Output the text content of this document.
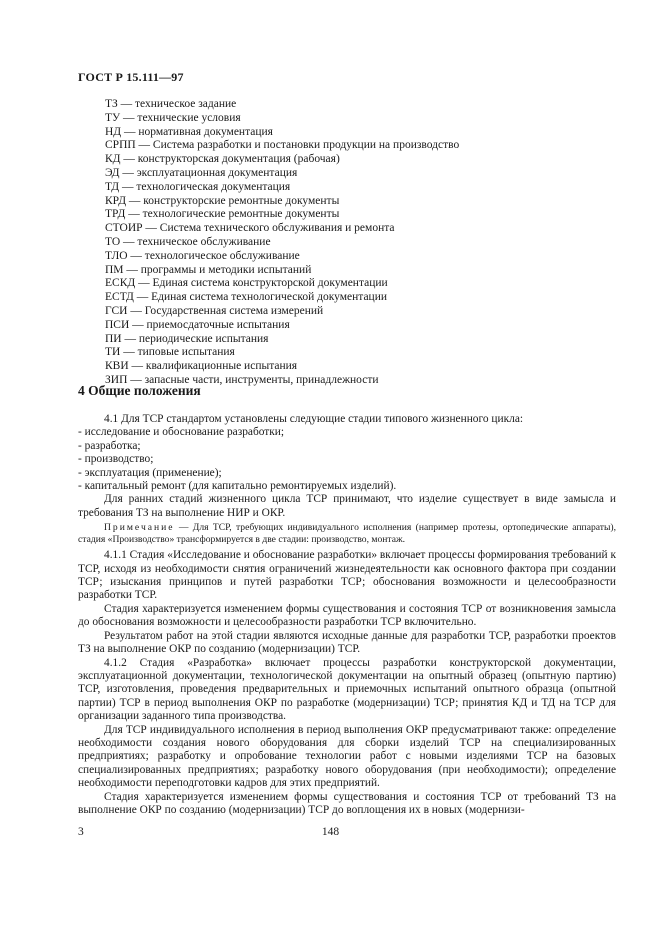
ГОСТ Р 15.111—97
ТЗ — техническое задание
ТУ — технические условия
НД — нормативная документация
СРПП — Система разработки и постановки продукции на производство
КД — конструкторская документация (рабочая)
ЭД — эксплуатационная документация
ТД — технологическая документация
КРД — конструкторские ремонтные документы
ТРД — технологические ремонтные документы
СТОИР — Система технического обслуживания и ремонта
ТО — техническое обслуживание
ТЛО — технологическое обслуживание
ПМ — программы и методики испытаний
ЕСКД — Единая система конструкторской документации
ЕСТД — Единая система технологической документации
ГСИ — Государственная система измерений
ПСИ — приемосдаточные испытания
ПИ — периодические испытания
ТИ — типовые испытания
КВИ — квалификационные испытания
ЗИП — запасные части, инструменты, принадлежности
4 Общие положения

4.1 Для ТСР стандартом установлены следующие стадии типового жизненного цикла:

- исследование и обоснование разработки;

- разработка;

- производство;

- эксплуатация (применение);

- капитальный ремонт (для капитально ремонтируемых изделий).

Для ранних стадий жизненного цикла ТСР принимают, что изделие существует в виде замысла и требования ТЗ на выполнение НИР и ОКР.

Примечание — Для ТСР, требующих индивидуального исполнения (например протезы, ортопедические аппараты), стадия «Производство» трансформируется в две стадии: производство, монтаж.

4.1.1 Стадия «Исследование и обоснование разработки» включает процессы формирования требований к ТСР, исходя из необходимости снятия ограничений жизнедеятельности как основного фактора при создании ТСР; изыскания принципов и путей разработки ТСР; обоснования возможности и целесообразности разработки ТСР.

Стадия характеризуется изменением формы существования и состояния ТСР от возникновения замысла до обоснования возможности и целесообразности разработки ТСР включительно.

Результатом работ на этой стадии являются исходные данные для разработки ТСР, разработки проектов ТЗ на выполнение ОКР по созданию (модернизации) ТСР.

4.1.2 Стадия «Разработка» включает процессы разработки конструкторской документации, эксплуатационной документации, технологической документации на опытный образец (опытную партию) ТСР, изготовления, проведения предварительных и приемочных испытаний опытного образца (опытной партии) ТСР в период выполнения ОКР по разработке (модернизации) ТСР; принятия КД и ТД на ТСР для организации заданного типа производства.

Для ТСР индивидуального исполнения в период выполнения ОКР предусматривают также: определение необходимости создания нового оборудования для сборки изделий ТСР на специализированных предприятиях; разработку и опробование технологии работ с новыми изделиями ТСР на базовых специализированных предприятиях; разработку нового оборудования (при необходимости); определение необходимости переподготовки кадров для этих предприятий.

Стадия характеризуется изменением формы существования и состояния ТСР от требований ТЗ на выполнение ОКР по созданию (модернизации) ТСР до воплощения их в новых (модернизи-

3	148
